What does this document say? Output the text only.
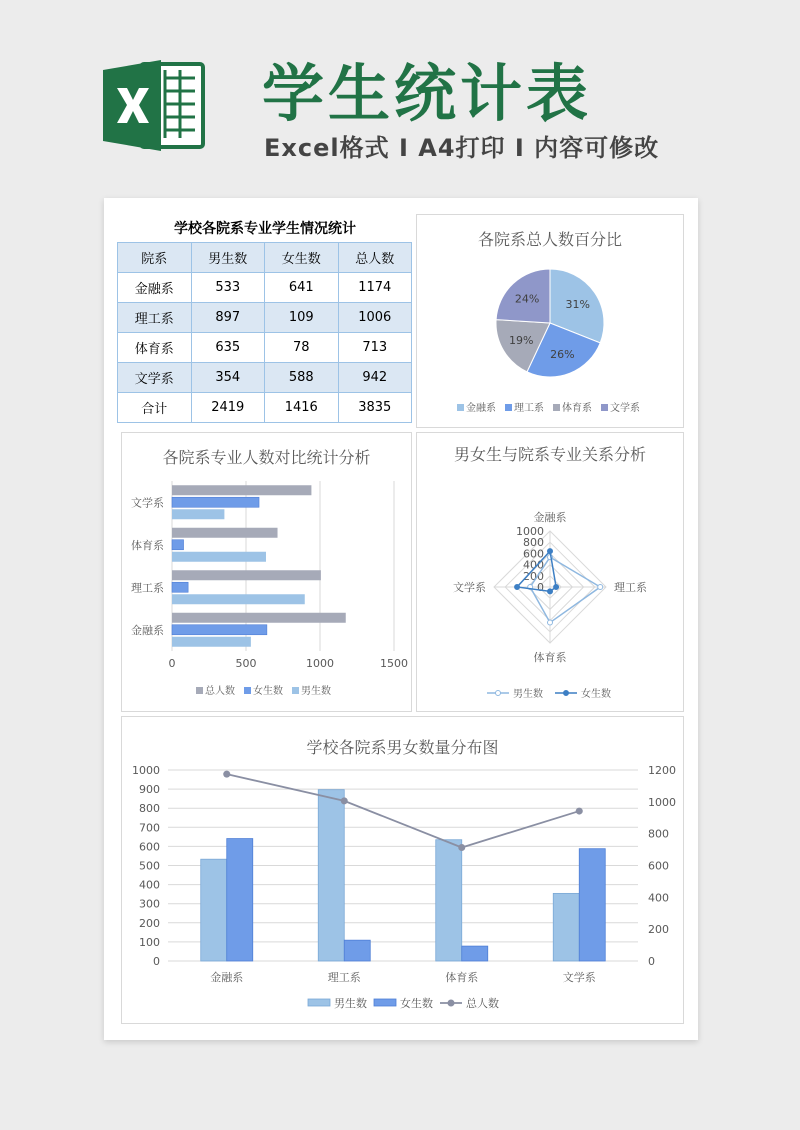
学生统计表
Excel格式 I A4打印 I 内容可修改
学校各院系专业学生情况统计
院系	男生数	女生数	总人数
金融系	533	641	1174
理工系	897	109	1006
体育系	635	78	713
文学系	354	588	942
合计	2419	1416	3835
各院系总人数百分比
31%
26%
19%
24%
金融系 理工系 体育系 文学系
各院系专业人数对比统计分析
0	500	1000	1500
金融系
理工系
体育系
文学系
总人数 女生数 男生数
男女生与院系专业关系分析
0
200
400
600
800
1000
金融系
理工系
体育系
文学系
男生数	女生数
学校各院系男女数量分布图
0
100
200
300
400
500
600
700
800
900
1000
0
200
400
600
800
1000
1200
金融系	理工系	体育系	文学系
男生数	女生数	总人数
